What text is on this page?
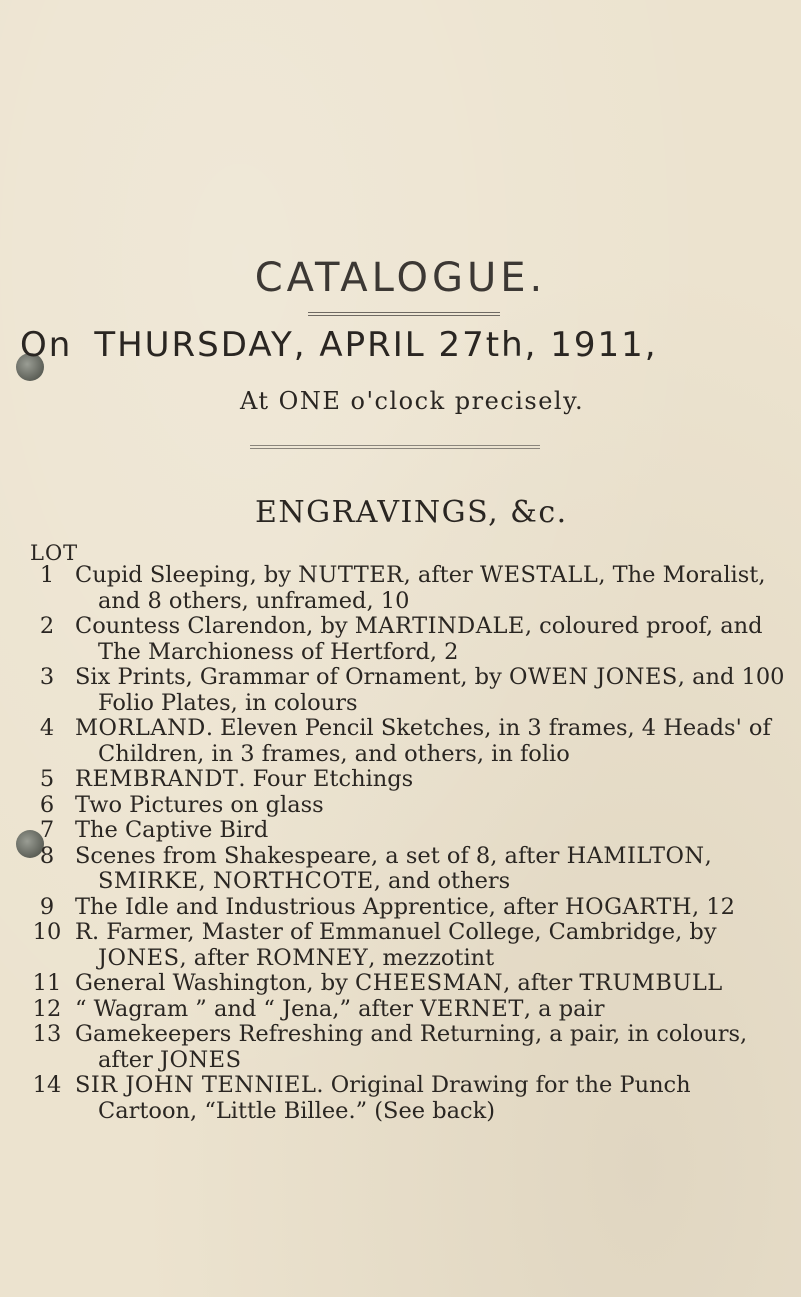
CATALOGUE.
On THURSDAY, APRIL 27th, 1911,
At ONE o'clock precisely.
ENGRAVINGS, &c.
LOT
1 Cupid Sleeping, by NUTTER, after WESTALL, The Moralist, and 8 others, unframed, 10
2 Countess Clarendon, by MARTINDALE, coloured proof, and The Marchioness of Hertford, 2
3 Six Prints, Grammar of Ornament, by OWEN JONES, and 100 Folio Plates, in colours
4 MORLAND. Eleven Pencil Sketches, in 3 frames, 4 Heads' of Children, in 3 frames, and others, in folio
5 REMBRANDT. Four Etchings
6 Two Pictures on glass
7 The Captive Bird
8 Scenes from Shakespeare, a set of 8, after HAMILTON, SMIRKE, NORTHCOTE, and others
9 The Idle and Industrious Apprentice, after HOGARTH, 12
10 R. Farmer, Master of Emmanuel College, Cambridge, by JONES, after ROMNEY, mezzotint
11 General Washington, by CHEESMAN, after TRUMBULL
12 “ Wagram ” and “ Jena,” after VERNET, a pair
13 Gamekeepers Refreshing and Returning, a pair, in colours, after JONES
14 SIR JOHN TENNIEL. Original Drawing for the Punch Cartoon, “Little Billee.” (See back)
